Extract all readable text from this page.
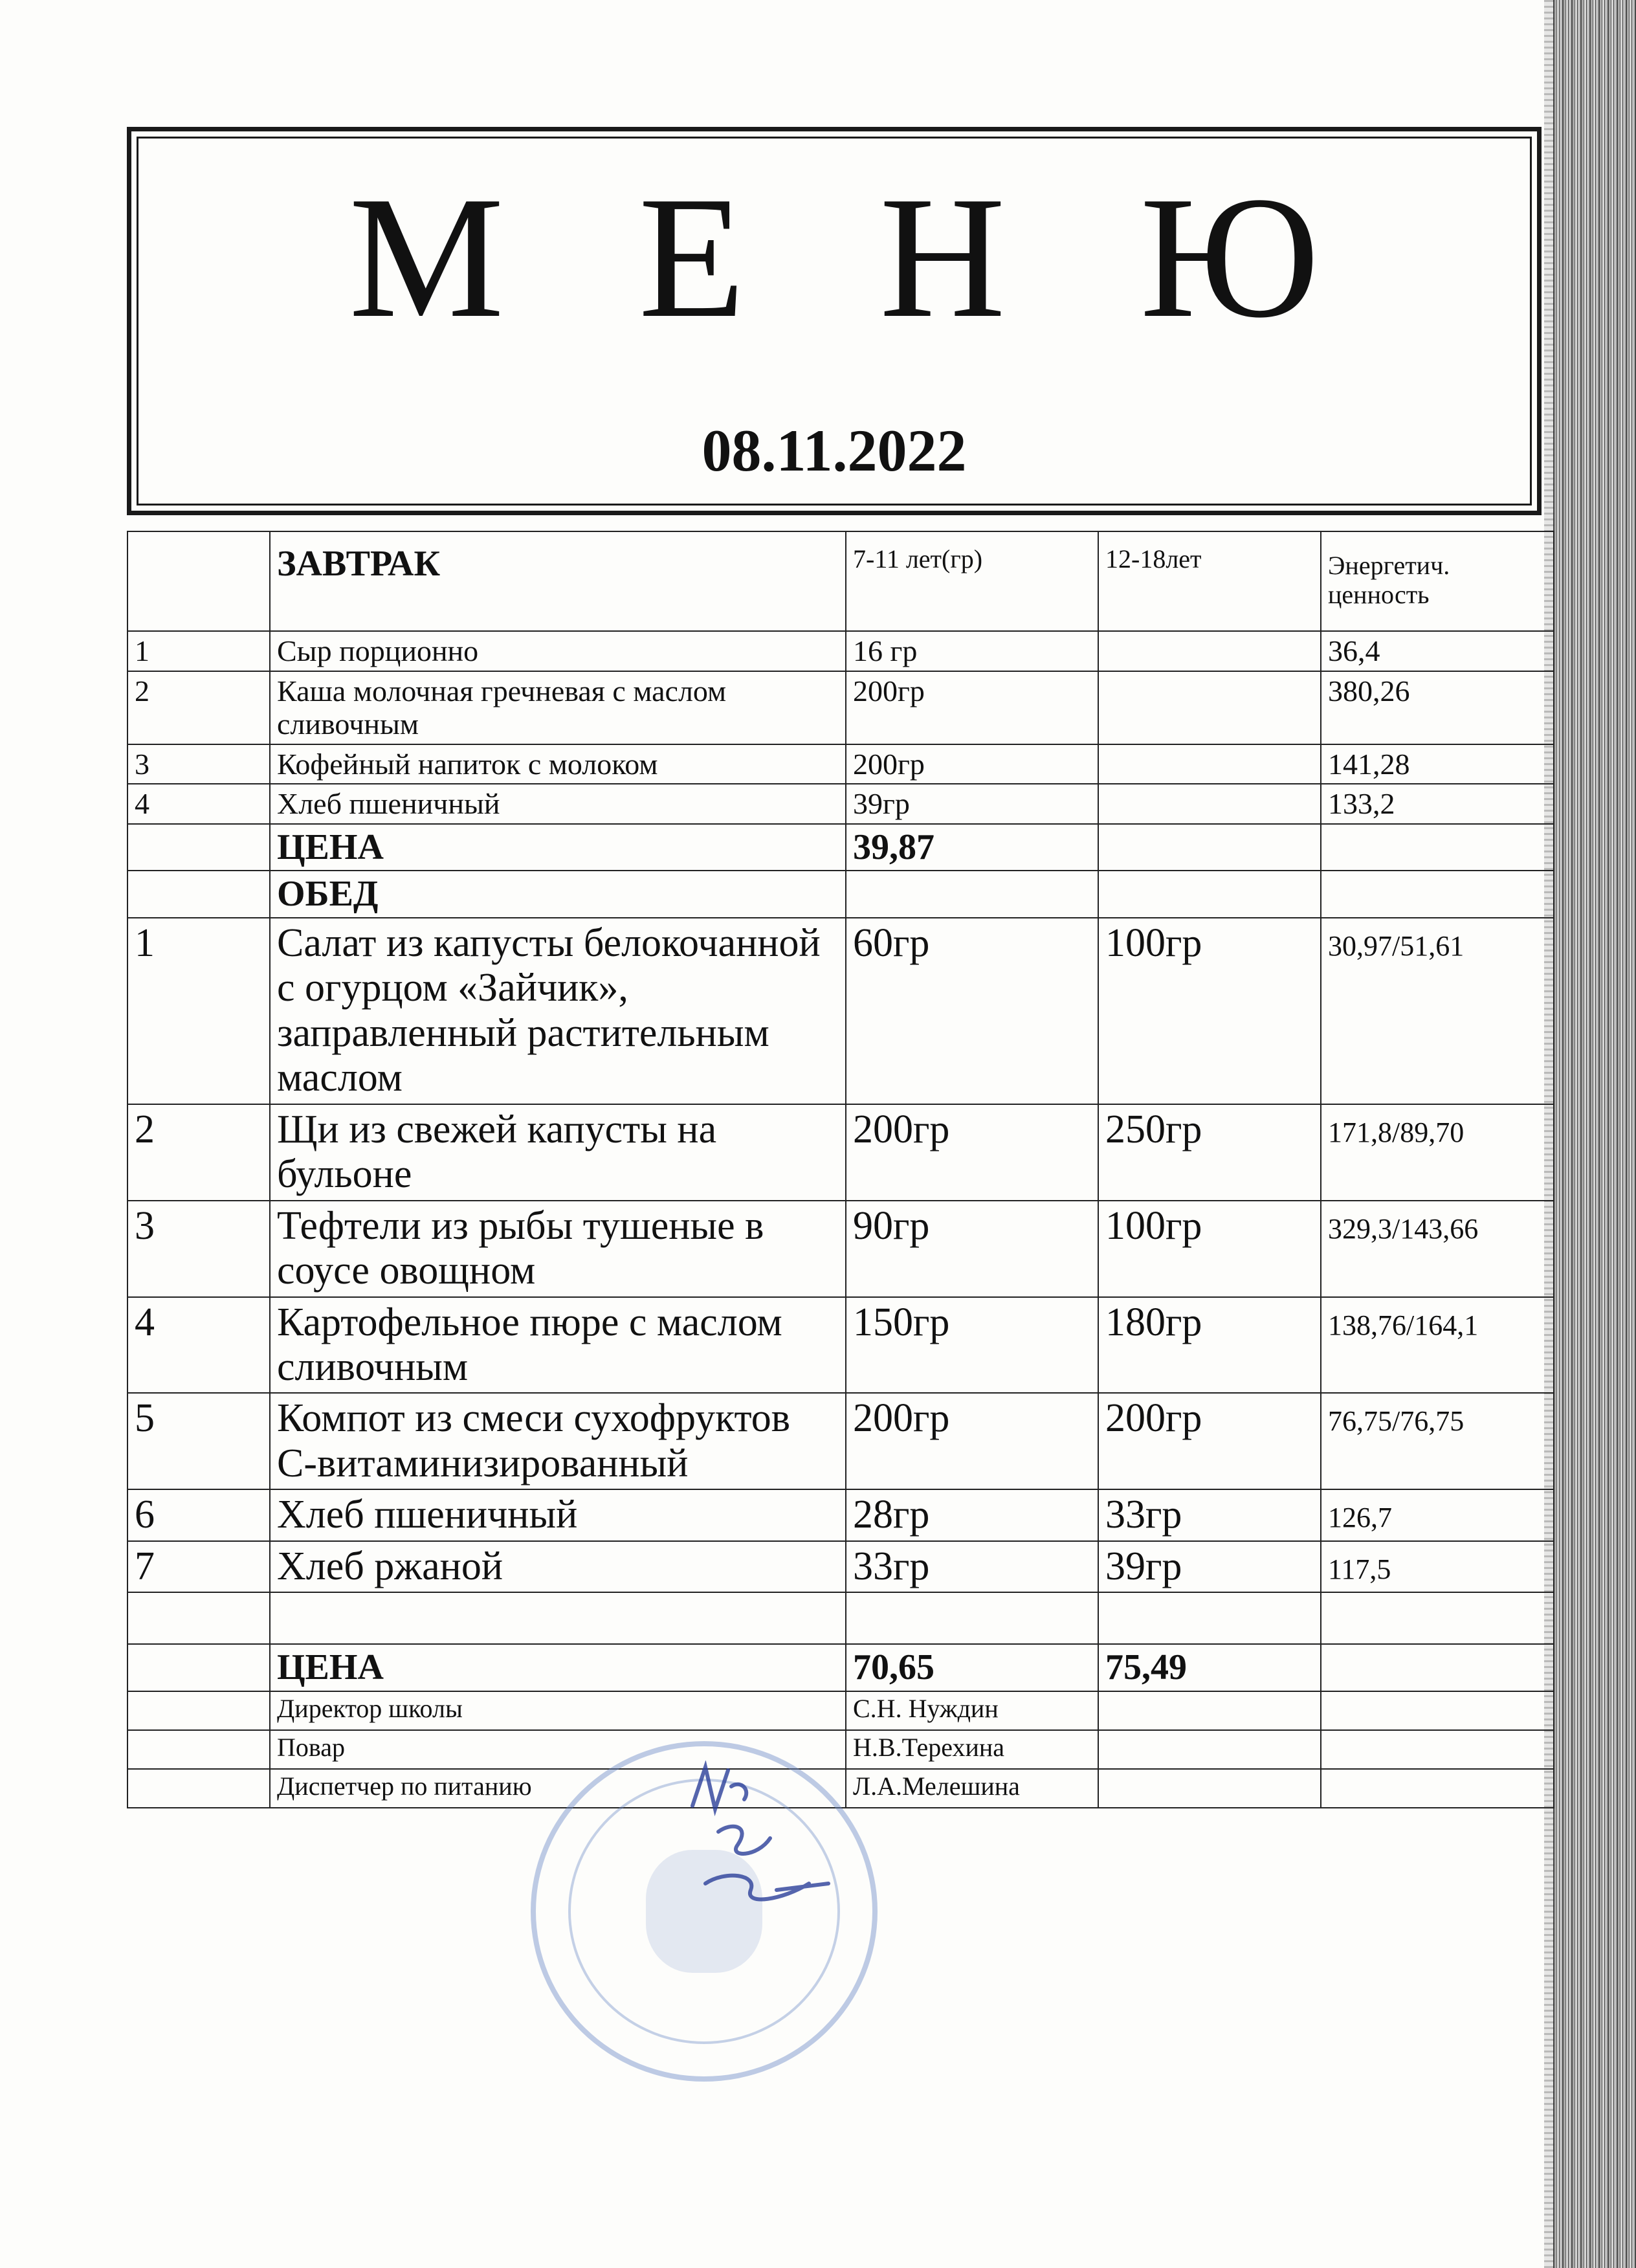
М Е Н Ю
08.11.2022
	ЗАВТРАК	7-11 лет(гр)	12-18лет	Энергетич. ценность
1	Сыр порционно	16 гр		36,4
2	Каша молочная гречневая с маслом сливочным	200гр		380,26
3	Кофейный напиток с молоком	200гр		141,28
4	Хлеб пшеничный	39гр		133,2
	ЦЕНА	39,87		
	ОБЕД			
1	Салат из капусты белокочанной с огурцом «Зайчик», заправленный растительным маслом	60гр	100гр	30,97/51,61
2	Щи из свежей капусты на бульоне	200гр	250гр	171,8/89,70
3	Тефтели из рыбы тушеные в соусе овощном	90гр	100гр	329,3/143,66
4	Картофельное пюре с маслом сливочным	150гр	180гр	138,76/164,1
5	Компот из смеси сухофруктов С-витаминизированный	200гр	200гр	76,75/76,75
6	Хлеб пшеничный	28гр	33гр	126,7
7	Хлеб ржаной	33гр	39гр	117,5

	ЦЕНА	70,65	75,49	
	Директор школы	С.Н. Нуждин		
	Повар	Н.В.Терехина		
	Диспетчер по питанию	Л.А.Мелешина		
